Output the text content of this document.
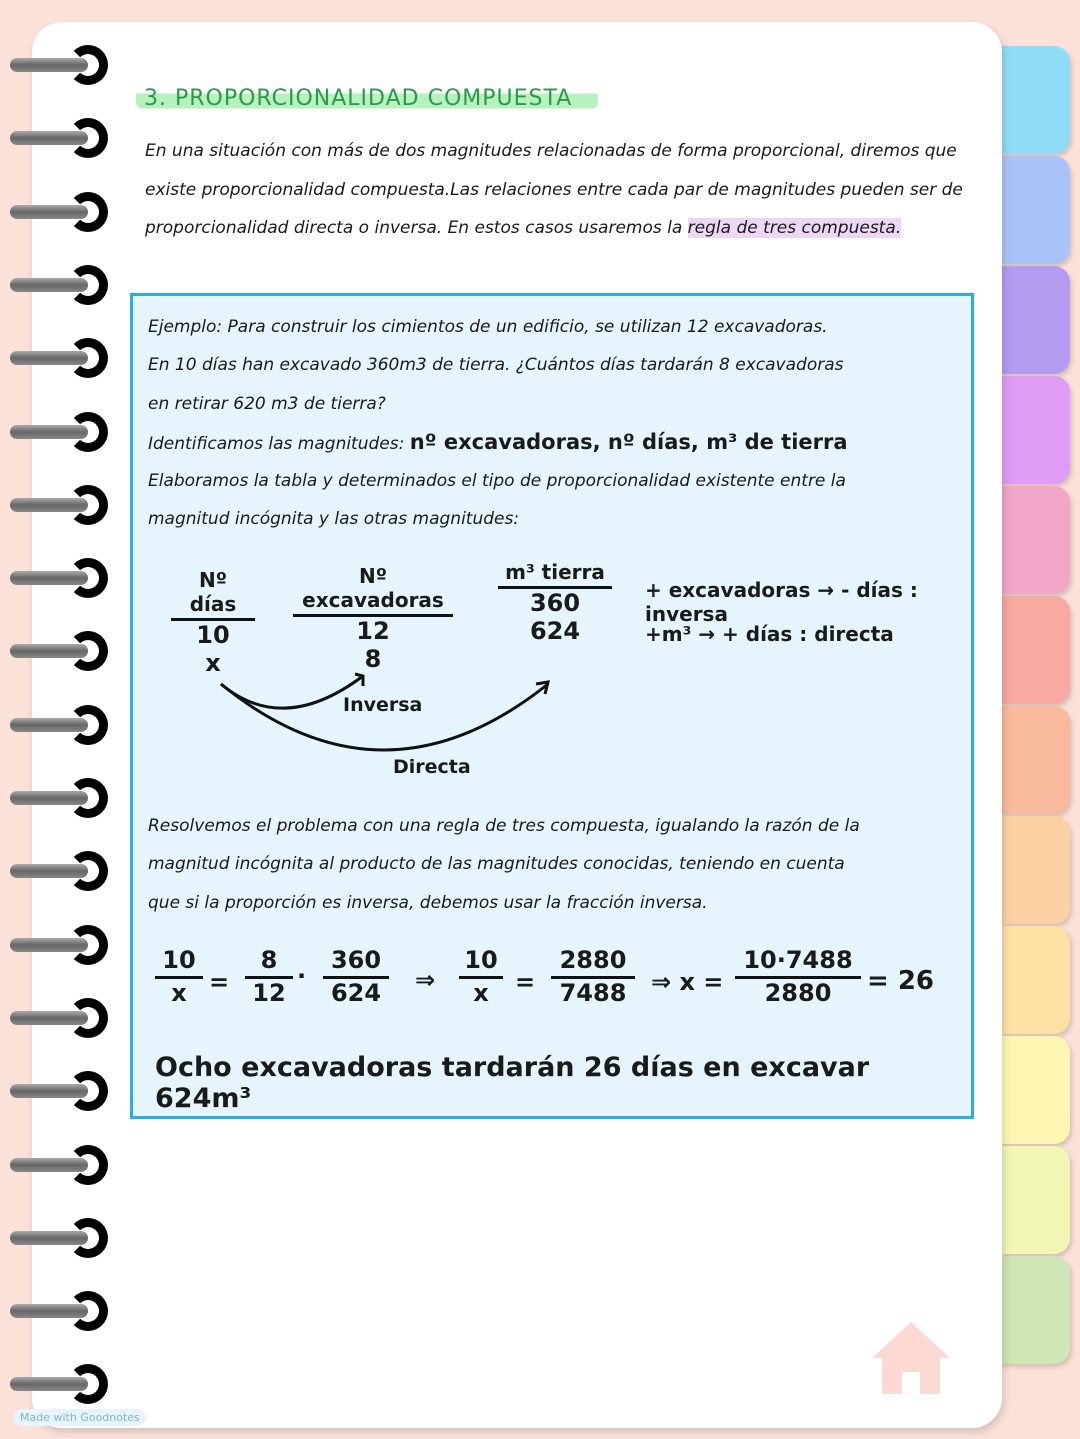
3. PROPORCIONALIDAD COMPUESTA
En una situación con más de dos magnitudes relacionadas de forma proporcional, diremos que existe proporcionalidad compuesta.Las relaciones entre cada par de magnitudes pueden ser de proporcionalidad directa o inversa. En estos casos usaremos la regla de tres compuesta.
Ejemplo: Para construir los cimientos de un edificio, se utilizan 12 excavadoras.
En 10 días han excavado 360m3 de tierra. ¿Cuántos días tardarán 8 excavadoras
en retirar 620 m3 de tierra?
Identificamos las magnitudes: nº excavadoras, nº días, m³ de tierra
Elaboramos la tabla y determinados el tipo de proporcionalidad existente entre la
magnitud incógnita y las otras magnitudes:
Nº días
10
x
Nº excavadoras
12
8
m³ tierra
360
624
Inversa
Directa
+ excavadoras → - días : inversa
+m³ → + días : directa
Resolvemos el problema con una regla de tres compuesta, igualando la razón de la
magnitud incógnita al producto de las magnitudes conocidas, teniendo en cuenta
que si la proporción es inversa, debemos usar la fracción inversa.
$\frac{10}{x} = \frac{8}{12} \cdot \frac{360}{624}$ ⇒ $\frac{10}{x} = \frac{2880}{7488}$ ⇒ $x = \frac{10\cdot 7488}{2880} = 26$
Ocho excavadoras tardarán 26 días en excavar 624m³
Made with Goodnotes
